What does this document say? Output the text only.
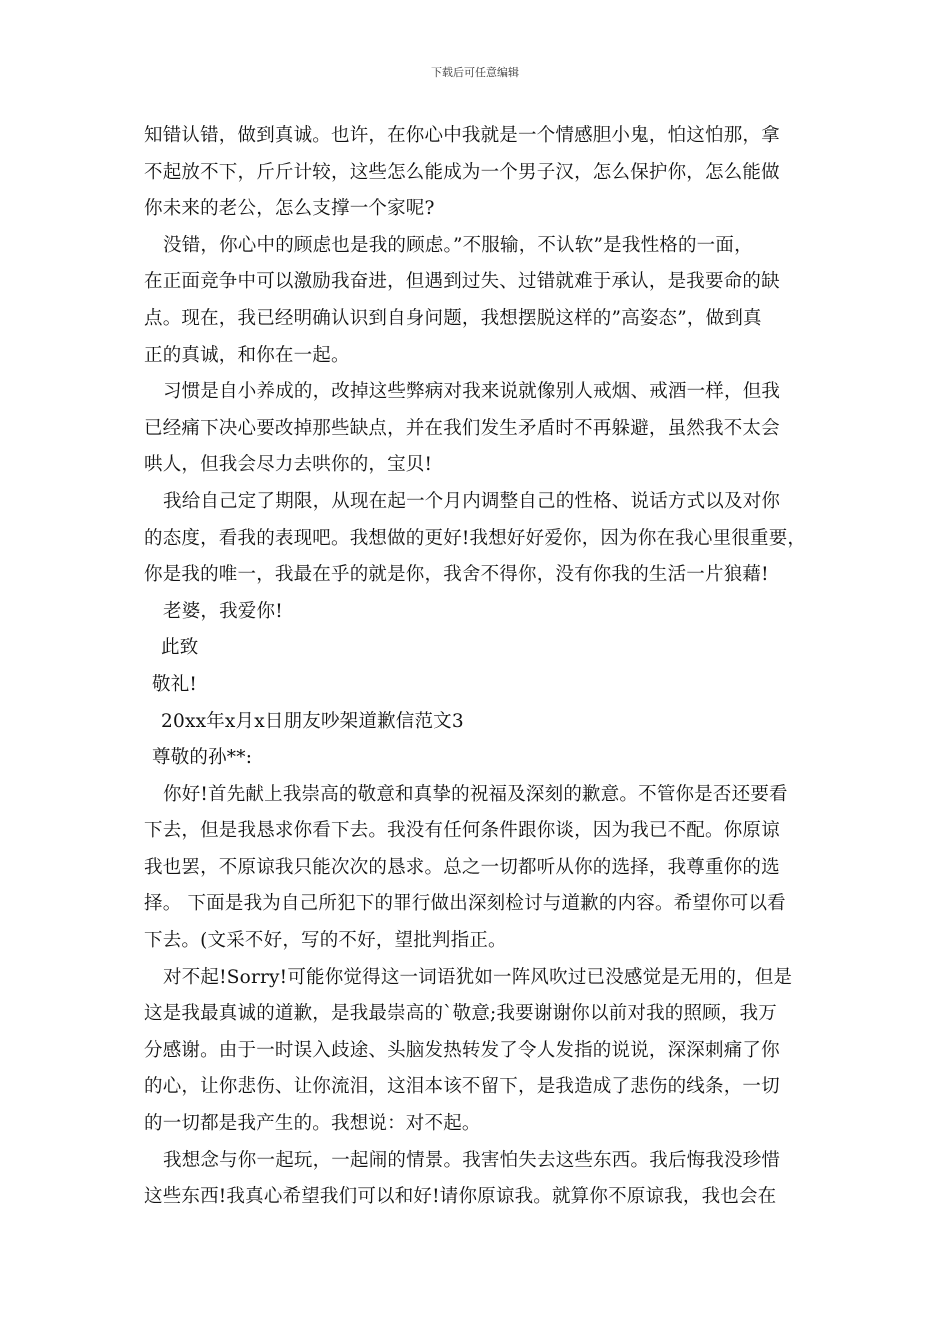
下载后可任意编辑
知错认错，做到真诚。也许，在你心中我就是一个情感胆小鬼，怕这怕那，拿
不起放不下，斤斤计较，这些怎么能成为一个男子汉，怎么保护你，怎么能做
你未来的老公，怎么支撑一个家呢?
没错，你心中的顾虑也是我的顾虑。”不服输，不认软”是我性格的一面，
在正面竞争中可以激励我奋进，但遇到过失、过错就难于承认，是我要命的缺
点。现在，我已经明确认识到自身问题，我想摆脱这样的”高姿态”，做到真
正的真诚，和你在一起。
习惯是自小养成的，改掉这些弊病对我来说就像别人戒烟、戒酒一样，但我
已经痛下决心要改掉那些缺点，并在我们发生矛盾时不再躲避，虽然我不太会
哄人，但我会尽力去哄你的，宝贝!
我给自己定了期限，从现在起一个月内调整自己的性格、说话方式以及对你
的态度，看我的表现吧。我想做的更好!我想好好爱你，因为你在我心里很重要，
你是我的唯一，我最在乎的就是你，我舍不得你，没有你我的生活一片狼藉!
老婆，我爱你!
此致
敬礼!
20xx年x月x日朋友吵架道歉信范文3
尊敬的孙**:
你好!首先献上我崇高的敬意和真挚的祝福及深刻的歉意。不管你是否还要看
下去，但是我恳求你看下去。我没有任何条件跟你谈，因为我已不配。你原谅
我也罢，不原谅我只能次次的恳求。总之一切都听从你的选择，我尊重你的选
择。 下面是我为自己所犯下的罪行做出深刻检讨与道歉的内容。希望你可以看
下去。(文采不好，写的不好，望批判指正。
对不起!Sorry!可能你觉得这一词语犹如一阵风吹过已没感觉是无用的，但是
这是我最真诚的道歉，是我最崇高的`敬意;我要谢谢你以前对我的照顾，我万
分感谢。由于一时误入歧途、头脑发热转发了令人发指的说说，深深刺痛了你
的心，让你悲伤、让你流泪，这泪本该不留下，是我造成了悲伤的线条，一切
的一切都是我产生的。我想说：对不起。
我想念与你一起玩，一起闹的情景。我害怕失去这些东西。我后悔我没珍惜
这些东西!我真心希望我们可以和好!请你原谅我。就算你不原谅我，我也会在
